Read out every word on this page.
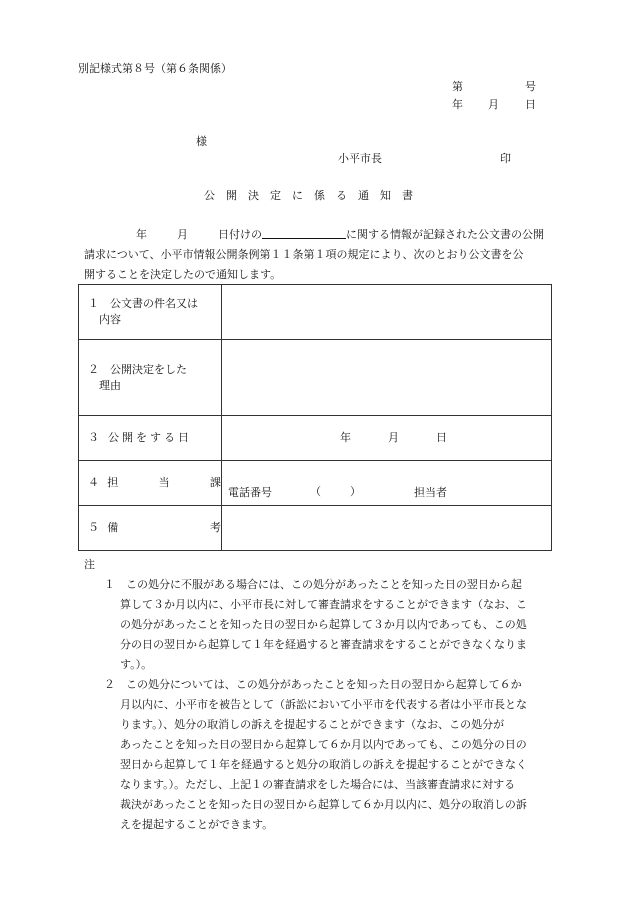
別記様式第８号（第６条関係）
第	号
年 月 日
様
小平市長	印
公　開　決　定　に　係　る　通　知　書
年	月	日付けの	に関する情報が記録された公文書の公開
請求について、小平市情報公開条例第１１条第１項の規定により、次のとおり公文書を公
開することを決定したので通知します。
１　公文書の件名又は
内容	

２　公開決定をした
理由	

３ 公開をする日	年 月 日

４ 担 当 課	電話番号 （ ） 担当者

５ 備 考	

注
１　この処分に不服がある場合には、この処分があったことを知った日の翌日から起
算して３か月以内に、小平市長に対して審査請求をすることができます（なお、こ
の処分があったことを知った日の翌日から起算して３か月以内であっても、この処
分の日の翌日から起算して１年を経過すると審査請求をすることができなくなりま
す。）。
２　この処分については、この処分があったことを知った日の翌日から起算して６か
月以内に、小平市を被告として（訴訟において小平市を代表する者は小平市長とな
ります。）、処分の取消しの訴えを提起することができます（なお、この処分が
あったことを知った日の翌日から起算して６か月以内であっても、この処分の日の
翌日から起算して１年を経過すると処分の取消しの訴えを提起することができなく
なります。）。ただし、上記１の審査請求をした場合には、当該審査請求に対する
裁決があったことを知った日の翌日から起算して６か月以内に、処分の取消しの訴
えを提起することができます。
